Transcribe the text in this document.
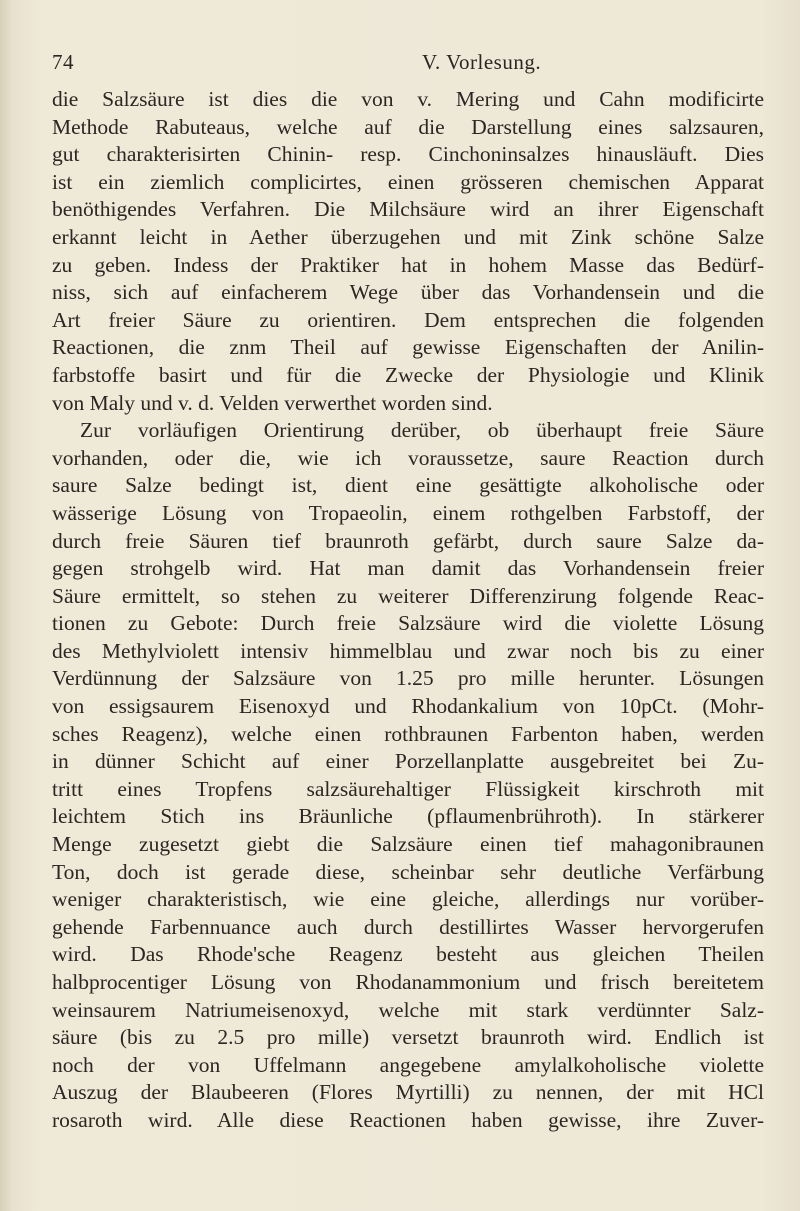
74	V. Vorlesung.
die Salzsäure ist dies die von v. Mering und Cahn modificirte
Methode Rabuteaus, welche auf die Darstellung eines salzsauren,
gut charakterisirten Chinin- resp. Cinchoninsalzes hinausläuft. Dies
ist ein ziemlich complicirtes, einen grösseren chemischen Apparat
benöthigendes Verfahren. Die Milchsäure wird an ihrer Eigenschaft
erkannt leicht in Aether überzugehen und mit Zink schöne Salze
zu geben. Indess der Praktiker hat in hohem Masse das Bedürf-
niss, sich auf einfacherem Wege über das Vorhandensein und die
Art freier Säure zu orientiren. Dem entsprechen die folgenden
Reactionen, die znm Theil auf gewisse Eigenschaften der Anilin-
farbstoffe basirt und für die Zwecke der Physiologie und Klinik
von Maly und v. d. Velden verwerthet worden sind.
Zur vorläufigen Orientirung derüber, ob überhaupt freie Säure
vorhanden, oder die, wie ich voraussetze, saure Reaction durch
saure Salze bedingt ist, dient eine gesättigte alkoholische oder
wässerige Lösung von Tropaeolin, einem rothgelben Farbstoff, der
durch freie Säuren tief braunroth gefärbt, durch saure Salze da-
gegen strohgelb wird. Hat man damit das Vorhandensein freier
Säure ermittelt, so stehen zu weiterer Differenzirung folgende Reac-
tionen zu Gebote: Durch freie Salzsäure wird die violette Lösung
des Methylviolett intensiv himmelblau und zwar noch bis zu einer
Verdünnung der Salzsäure von 1.25 pro mille herunter. Lösungen
von essigsaurem Eisenoxyd und Rhodankalium von 10pCt. (Mohr-
sches Reagenz), welche einen rothbraunen Farbenton haben, werden
in dünner Schicht auf einer Porzellanplatte ausgebreitet bei Zu-
tritt eines Tropfens salzsäurehaltiger Flüssigkeit kirschroth mit
leichtem Stich ins Bräunliche (pflaumenbrühroth). In stärkerer
Menge zugesetzt giebt die Salzsäure einen tief mahagonibraunen
Ton, doch ist gerade diese, scheinbar sehr deutliche Verfärbung
weniger charakteristisch, wie eine gleiche, allerdings nur vorüber-
gehende Farbennuance auch durch destillirtes Wasser hervorgerufen
wird. Das Rhode'sche Reagenz besteht aus gleichen Theilen
halbprocentiger Lösung von Rhodanammonium und frisch bereitetem
weinsaurem Natriumeisenoxyd, welche mit stark verdünnter Salz-
säure (bis zu 2.5 pro mille) versetzt braunroth wird. Endlich ist
noch der von Uffelmann angegebene amylalkoholische violette
Auszug der Blaubeeren (Flores Myrtilli) zu nennen, der mit HCl
rosaroth wird. Alle diese Reactionen haben gewisse, ihre Zuver-
